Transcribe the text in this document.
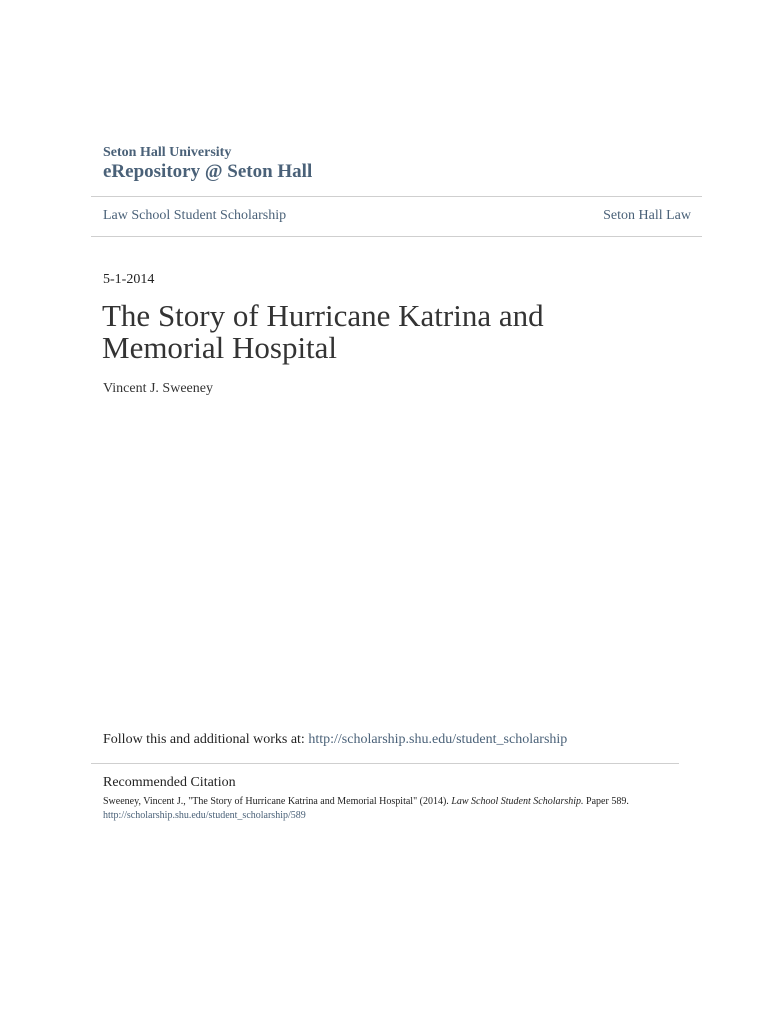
Seton Hall University
eRepository @ Seton Hall
Law School Student Scholarship	Seton Hall Law
5-1-2014
The Story of Hurricane Katrina and Memorial Hospital
Vincent J. Sweeney
Follow this and additional works at: http://scholarship.shu.edu/student_scholarship
Recommended Citation
Sweeney, Vincent J., "The Story of Hurricane Katrina and Memorial Hospital" (2014). Law School Student Scholarship. Paper 589.
http://scholarship.shu.edu/student_scholarship/589
